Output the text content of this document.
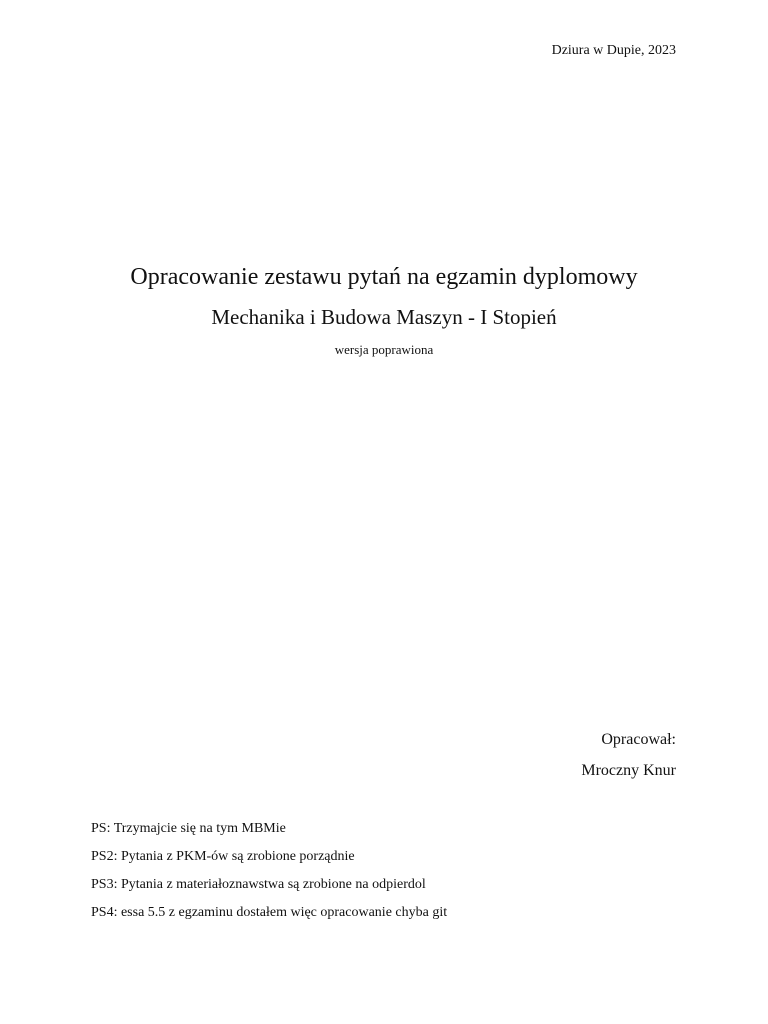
Dziura w Dupie, 2023
Opracowanie zestawu pytań na egzamin dyplomowy
Mechanika i Budowa Maszyn - I Stopień
wersja poprawiona
Opracował:
Mroczny Knur
PS: Trzymajcie się na tym MBMie
PS2: Pytania z PKM-ów są zrobione porządnie
PS3: Pytania z materiałoznawstwa są zrobione na odpierdol
PS4: essa 5.5 z egzaminu dostałem więc opracowanie chyba git
